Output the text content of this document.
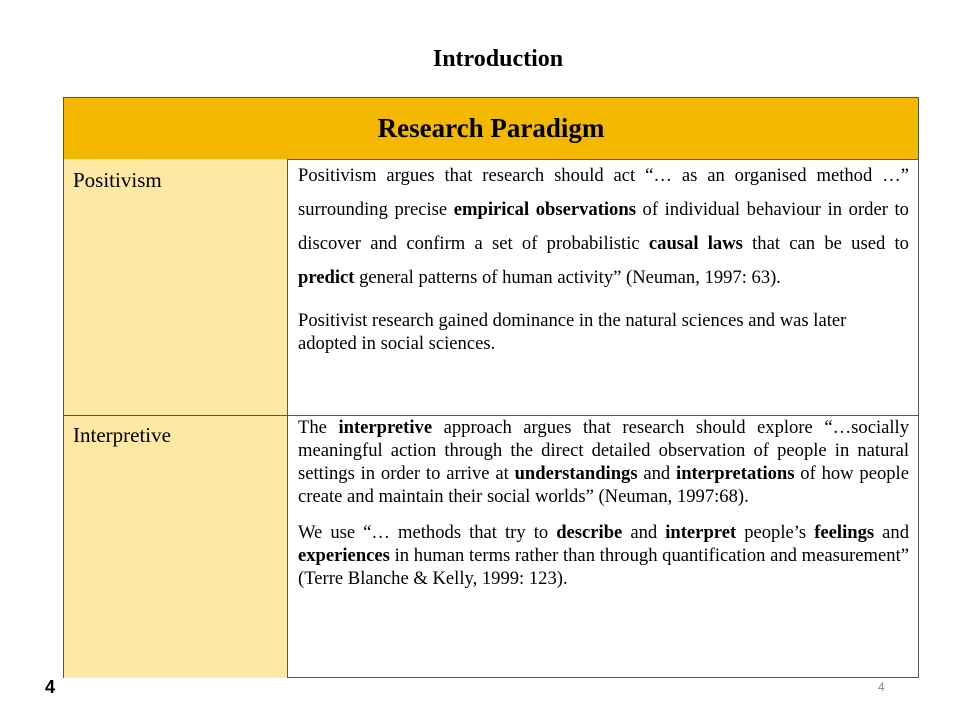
Introduction
Research Paradigm
Positivism	Positivism argues that research should act “… as an organised method …” surrounding precise empirical observations of individual behaviour in order to discover and confirm a set of probabilistic causal laws that can be used to predict general patterns of human activity” (Neuman, 1997: 63).

Positivist research gained dominance in the natural sciences and was later adopted in social sciences.

Interpretive	The interpretive approach argues that research should explore “…socially meaningful action through the direct detailed observation of people in natural settings in order to arrive at understandings and interpretations of how people create and maintain their social worlds” (Neuman, 1997:68).

We use “… methods that try to describe and interpret people’s feelings and experiences in human terms rather than through quantification and measurement” (Terre Blanche & Kelly, 1999: 123).

4	4
